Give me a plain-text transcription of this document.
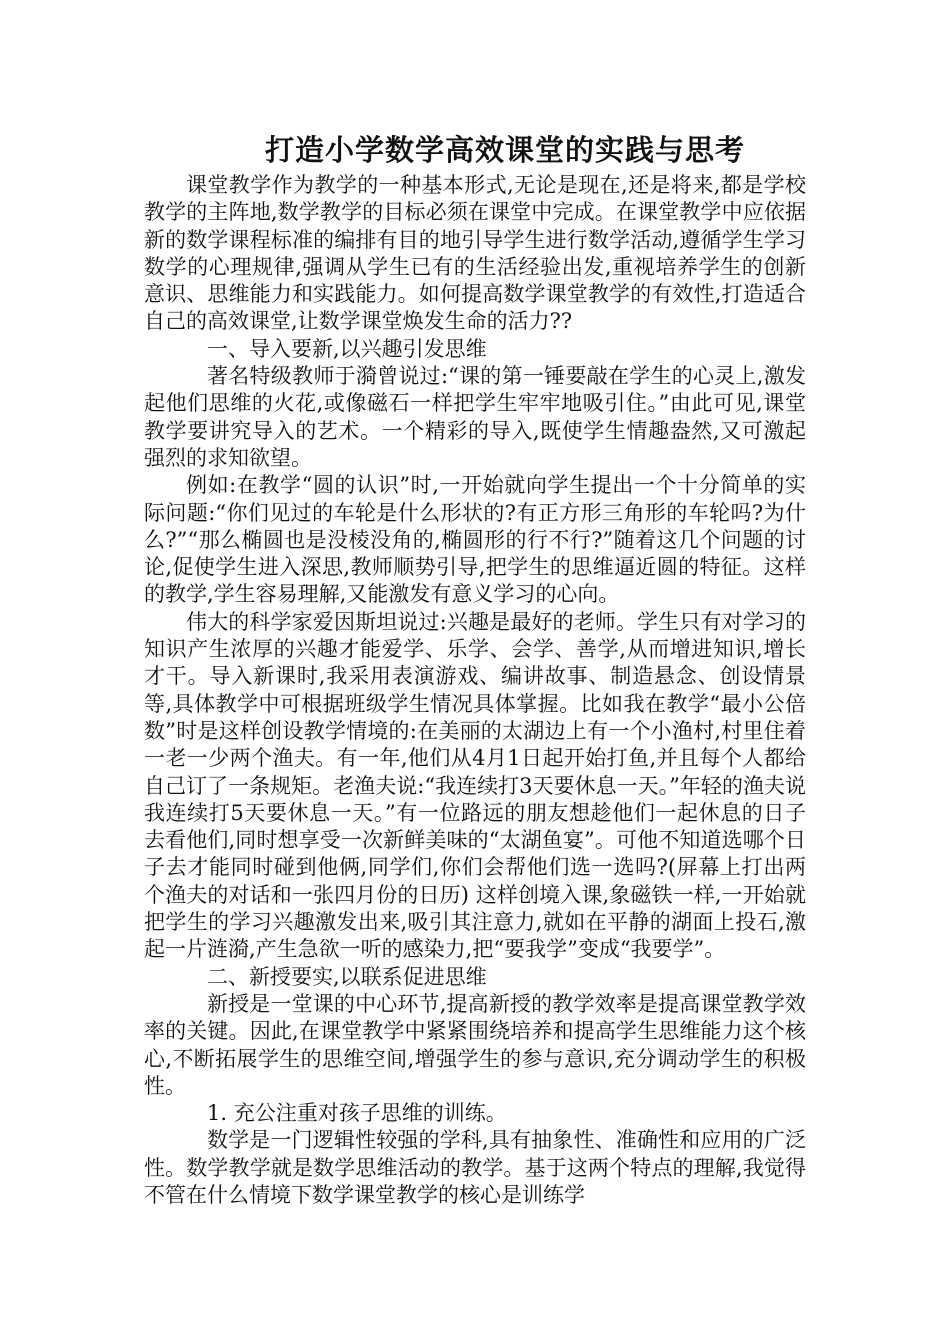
打造小学数学高效课堂的实践与思考

课堂教学作为教学的一种基本形式,无论是现在,还是将来,都是学校教学的主阵地,数学教学的目标必须在课堂中完成。在课堂教学中应依据新的数学课程标准的编排有目的地引导学生进行数学活动,遵循学生学习数学的心理规律,强调从学生已有的生活经验出发,重视培养学生的创新意识、思维能力和实践能力。如何提高数学课堂教学的有效性,打造适合自己的高效课堂,让数学课堂焕发生命的活力??

一、导入要新,以兴趣引发思维

著名特级教师于漪曾说过:“课的第一锤要敲在学生的心灵上,激发起他们思维的火花,或像磁石一样把学生牢牢地吸引住。”由此可见,课堂教学要讲究导入的艺术。一个精彩的导入,既使学生情趣盎然,又可激起强烈的求知欲望。

例如:在教学“圆的认识”时,一开始就向学生提出一个十分简单的实际问题:“你们见过的车轮是什么形状的?有正方形三角形的车轮吗?为什么?”“那么椭圆也是没棱没角的,椭圆形的行不行?”随着这几个问题的讨论,促使学生进入深思,教师顺势引导,把学生的思维逼近圆的特征。这样的教学,学生容易理解,又能激发有意义学习的心向。

伟大的科学家爱因斯坦说过:兴趣是最好的老师。学生只有对学习的知识产生浓厚的兴趣才能爱学、乐学、会学、善学,从而增进知识,增长才干。导入新课时,我采用表演游戏、编讲故事、制造悬念、创设情景等,具体教学中可根据班级学生情况具体掌握。比如我在教学“最小公倍数”时是这样创设教学情境的:在美丽的太湖边上有一个小渔村,村里住着一老一少两个渔夫。有一年,他们从4月1日起开始打鱼,并且每个人都给自己订了一条规矩。老渔夫说:“我连续打3天要休息一天。”年轻的渔夫说我连续打5天要休息一天。”有一位路远的朋友想趁他们一起休息的日子去看他们,同时想享受一次新鲜美味的“太湖鱼宴”。可他不知道选哪个日子去才能同时碰到他俩,同学们,你们会帮他们选一选吗?(屏幕上打出两个渔夫的对话和一张四月份的日历) 这样创境入课,象磁铁一样,一开始就把学生的学习兴趣激发出来,吸引其注意力,就如在平静的湖面上投石,激起一片涟漪,产生急欲一听的感染力,把“要我学”变成“我要学”。

二、新授要实,以联系促进思维

新授是一堂课的中心环节,提高新授的教学效率是提高课堂教学效率的关键。因此,在课堂教学中紧紧围绕培养和提高学生思维能力这个核心,不断拓展学生的思维空间,增强学生的参与意识,充分调动学生的积极性。

1. 充公注重对孩子思维的训练。

数学是一门逻辑性较强的学科,具有抽象性、准确性和应用的广泛性。数学教学就是数学思维活动的教学。基于这两个特点的理解,我觉得不管在什么情境下数学课堂教学的核心是训练学
